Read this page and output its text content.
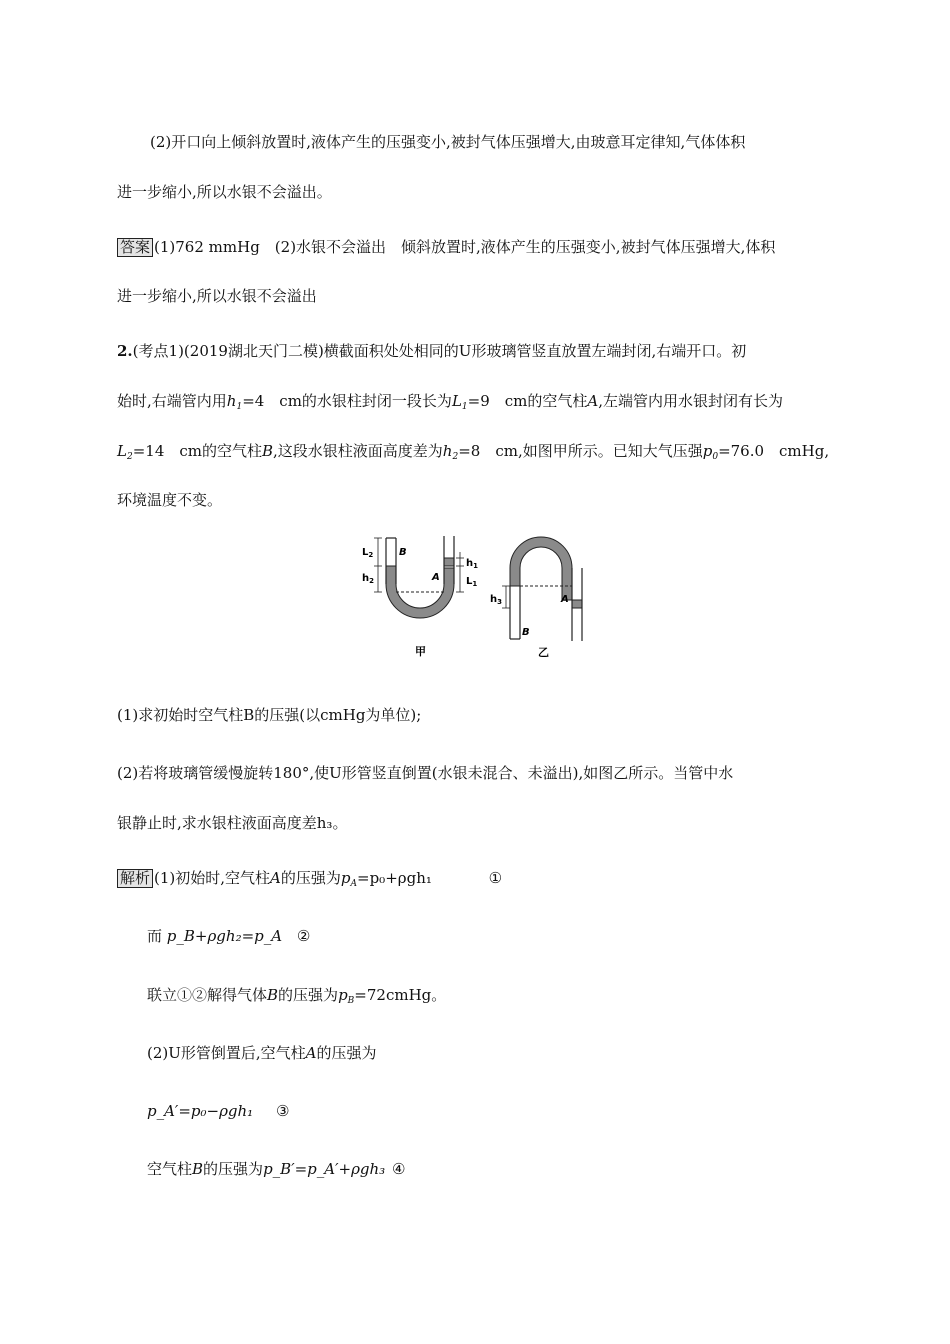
(2)开口向上倾斜放置时,液体产生的压强变小,被封气体压强增大,由玻意耳定律知,气体体积
进一步缩小,所以水银不会溢出。
答案 (1)762 mmHg　(2)水银不会溢出　倾斜放置时,液体产生的压强变小,被封气体压强增大,体积
进一步缩小,所以水银不会溢出
2.(考点1)(2019湖北天门二模)横截面积处处相同的U形玻璃管竖直放置左端封闭,右端开口。初
始时,右端管内用$h_1=4$　cm的水银柱封闭一段长为$L_1=9$　cm的空气柱A,左端管内用水银封闭有长为
$L_2=14$　cm的空气柱B,这段水银柱液面高度差为$h_2=8$　cm,如图甲所示。已知大气压强$p_0=76.0$　cmHg,
环境温度不变。
$L_2$
$h_2$
B
A
$h_1$
$L_1$
甲
$h_3$
B
A
乙
(1)求初始时空气柱B的压强(以cmHg为单位);
(2)若将玻璃管缓慢旋转180°,使U形管竖直倒置(水银未混合、未溢出),如图乙所示。当管中水
银静止时,求水银柱液面高度差h₃。
解析 (1)初始时,空气柱A的压强为$p_A=p_0+\rho gh_1$	①
而 p_B+ρgh₂=p_A ②
联立①②解得气体B的压强为$p_B=72cmHg$。
(2)U形管倒置后,空气柱A的压强为
p_A′=p₀−ρgh₁ ③
空气柱B的压强为p_B′=p_A′+ρgh₃ ④
